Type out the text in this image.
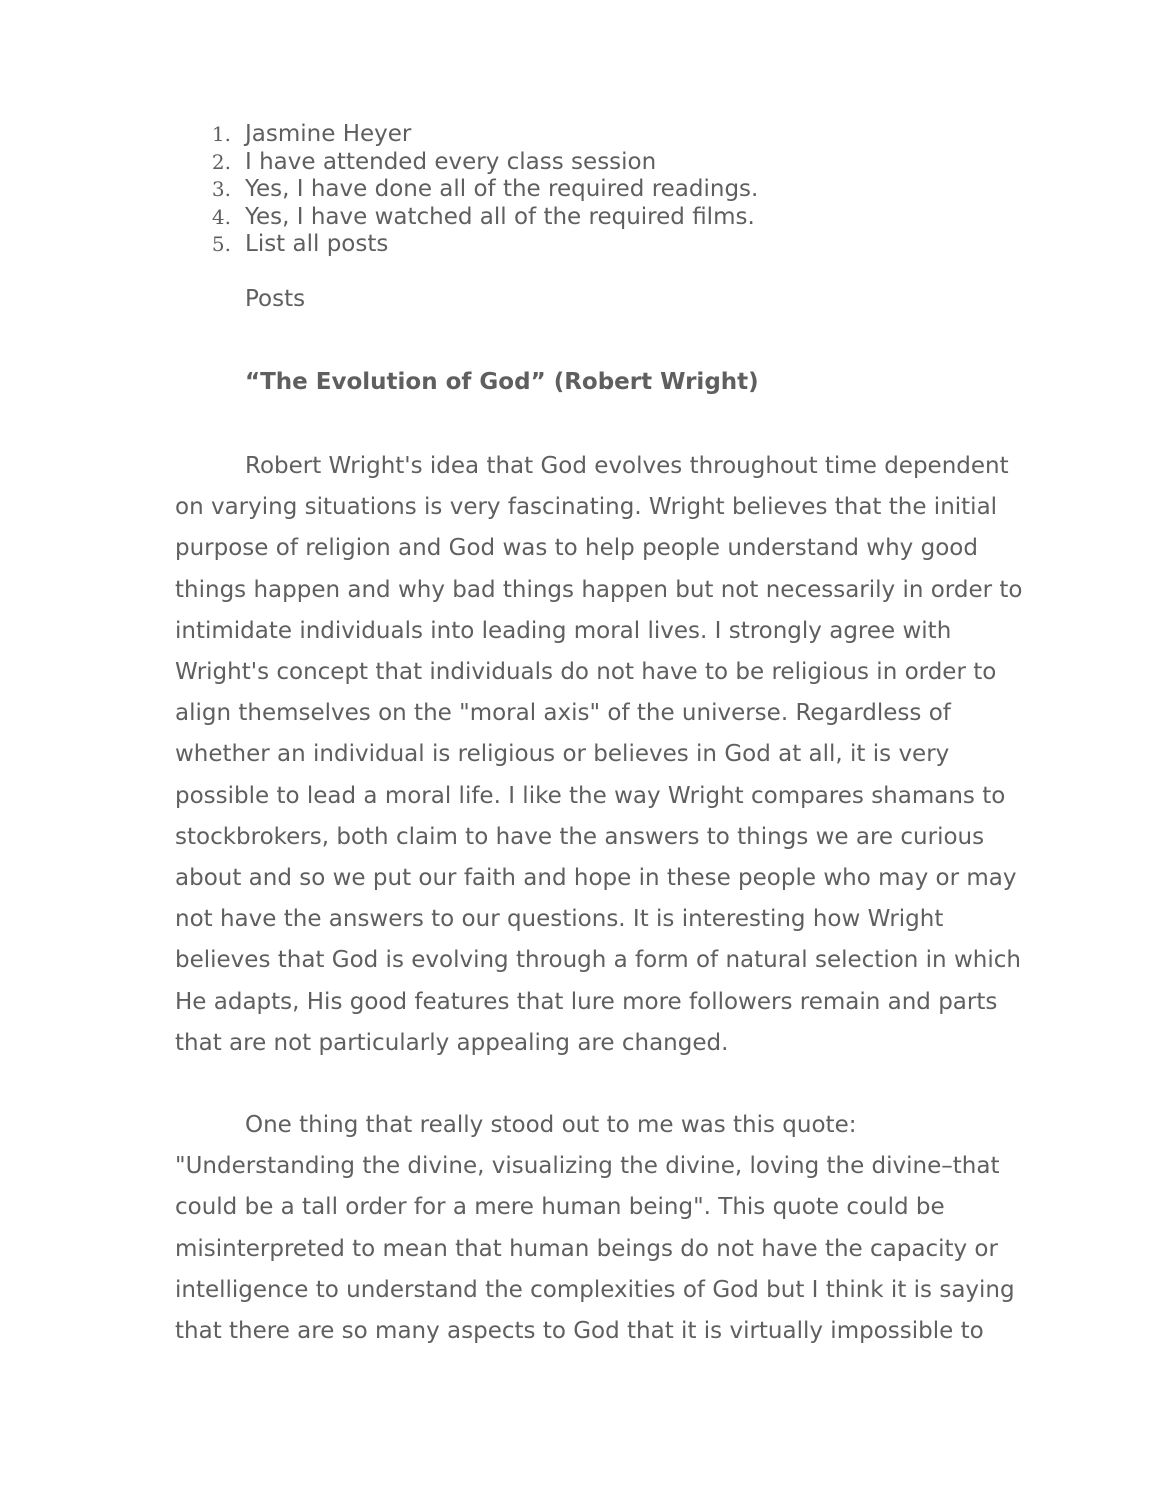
1. Jasmine Heyer
2. I have attended every class session
3. Yes, I have done all of the required readings.
4. Yes, I have watched all of the required films.
5. List all posts
Posts
“The Evolution of God” (Robert Wright)
Robert Wright's idea that God evolves throughout time dependent
on varying situations is very fascinating. Wright believes that the initial
purpose of religion and God was to help people understand why good
things happen and why bad things happen but not necessarily in order to
intimidate individuals into leading moral lives. I strongly agree with
Wright's concept that individuals do not have to be religious in order to
align themselves on the "moral axis" of the universe. Regardless of
whether an individual is religious or believes in God at all, it is very
possible to lead a moral life. I like the way Wright compares shamans to
stockbrokers, both claim to have the answers to things we are curious
about and so we put our faith and hope in these people who may or may
not have the answers to our questions. It is interesting how Wright
believes that God is evolving through a form of natural selection in which
He adapts, His good features that lure more followers remain and parts
that are not particularly appealing are changed.
One thing that really stood out to me was this quote:
"Understanding the divine, visualizing the divine, loving the divine–that
could be a tall order for a mere human being". This quote could be
misinterpreted to mean that human beings do not have the capacity or
intelligence to understand the complexities of God but I think it is saying
that there are so many aspects to God that it is virtually impossible to
